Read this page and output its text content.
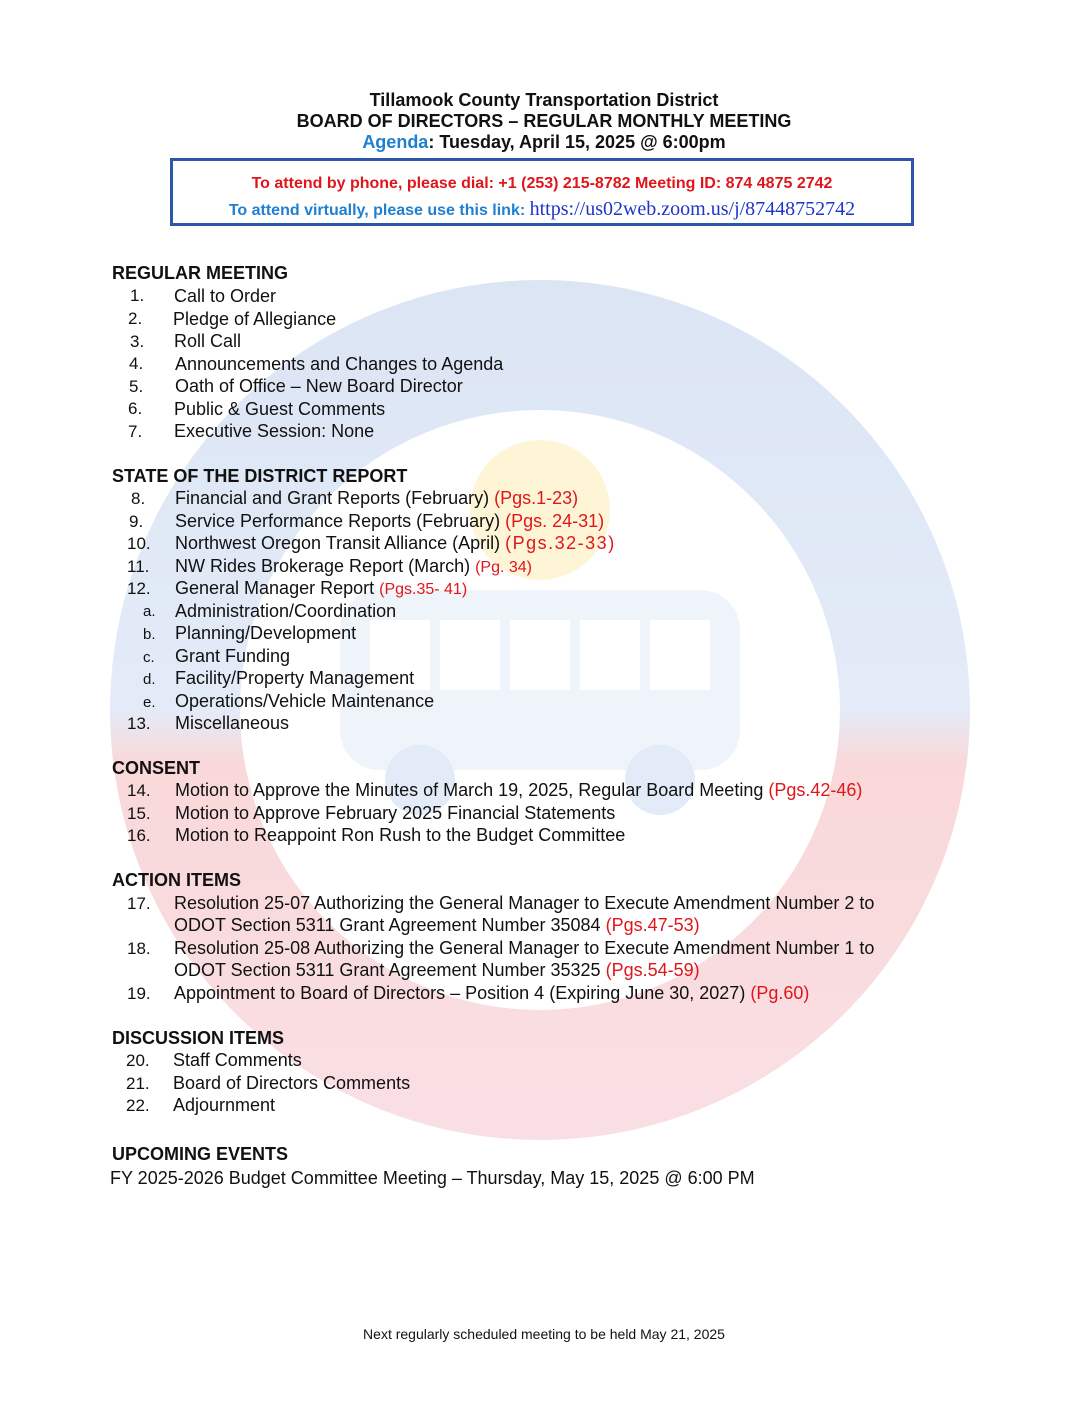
Tillamook County Transportation District
BOARD OF DIRECTORS – REGULAR MONTHLY MEETING
Agenda: Tuesday, April 15, 2025 @ 6:00pm
To attend by phone, please dial: +1 (253) 215-8782 Meeting ID: 874 4875 2742
To attend virtually, please use this link: https://us02web.zoom.us/j/87448752742
REGULAR MEETING
1. Call to Order
2. Pledge of Allegiance
3. Roll Call
4. Announcements and Changes to Agenda
5. Oath of Office – New Board Director
6. Public & Guest Comments
7. Executive Session: None
STATE OF THE DISTRICT REPORT
8. Financial and Grant Reports (February) (Pgs.1-23)
9. Service Performance Reports (February) (Pgs. 24-31)
10. Northwest Oregon Transit Alliance (April) (Pgs.32-33)
11. NW Rides Brokerage Report (March) (Pg. 34)
12. General Manager Report (Pgs.35- 41)
a. Administration/Coordination
b. Planning/Development
c. Grant Funding
d. Facility/Property Management
e. Operations/Vehicle Maintenance
13. Miscellaneous
CONSENT
14. Motion to Approve the Minutes of March 19, 2025, Regular Board Meeting (Pgs.42-46)
15. Motion to Approve February 2025 Financial Statements
16. Motion to Reappoint Ron Rush to the Budget Committee
ACTION ITEMS
17. Resolution 25-07 Authorizing the General Manager to Execute Amendment Number 2 to
ODOT Section 5311 Grant Agreement Number 35084 (Pgs.47-53)
18. Resolution 25-08 Authorizing the General Manager to Execute Amendment Number 1 to
ODOT Section 5311 Grant Agreement Number 35325 (Pgs.54-59)
19. Appointment to Board of Directors – Position 4 (Expiring June 30, 2027) (Pg.60)
DISCUSSION ITEMS
20. Staff Comments
21. Board of Directors Comments
22. Adjournment
UPCOMING EVENTS
FY 2025-2026 Budget Committee Meeting – Thursday, May 15, 2025 @ 6:00 PM
Next regularly scheduled meeting to be held May 21, 2025
